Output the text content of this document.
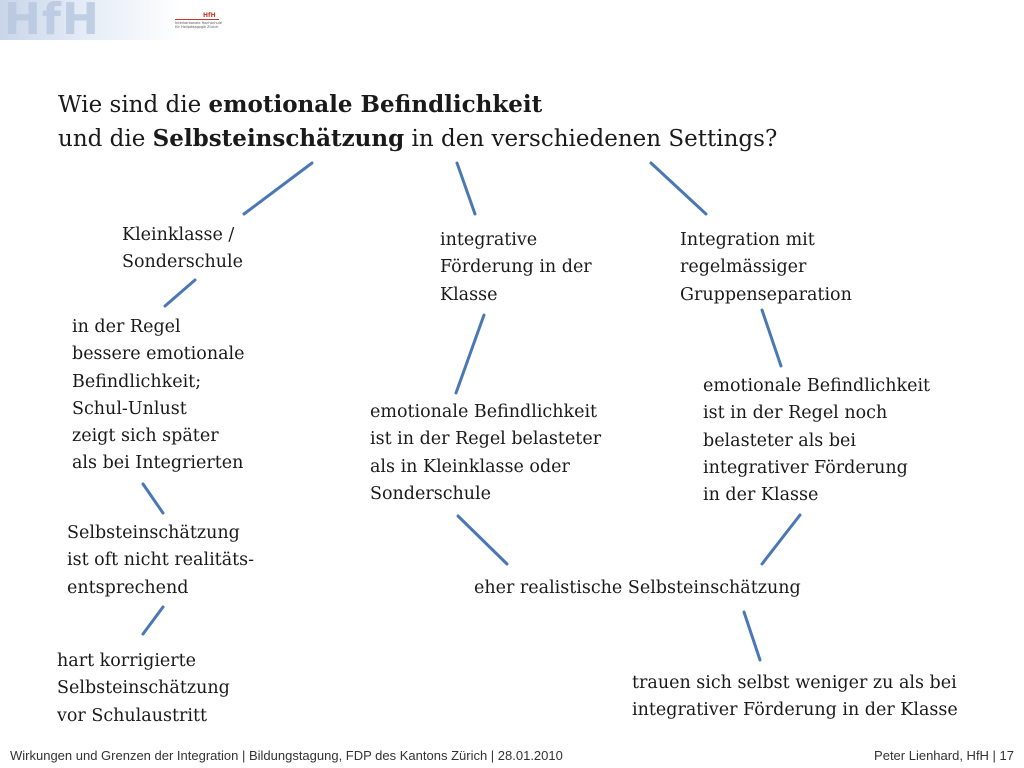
HfH	HfH
Interkantonale Hochschule für Heilpädagogik Zürich
Wie sind die emotionale Befindlichkeit
und die Selbsteinschätzung in den verschiedenen Settings?
Kleinklasse /
Sonderschule
integrative
Förderung in der
Klasse
Integration mit
regelmässiger
Gruppenseparation
in der Regel
bessere emotionale
Befindlichkeit;
Schul-Unlust
zeigt sich später
als bei Integrierten
emotionale Befindlichkeit
ist in der Regel belasteter
als in Kleinklasse oder
Sonderschule
emotionale Befindlichkeit
ist in der Regel noch
belasteter als bei
integrativer Förderung
in der Klasse
Selbsteinschätzung
ist oft nicht realitäts-
entsprechend	eher realistische Selbsteinschätzung
hart korrigierte
Selbsteinschätzung
vor Schulaustritt
trauen sich selbst weniger zu als bei
integrativer Förderung in der Klasse
Wirkungen und Grenzen der Integration | Bildungstagung, FDP des Kantons Zürich | 28.01.2010	Peter Lienhard, HfH | 17
